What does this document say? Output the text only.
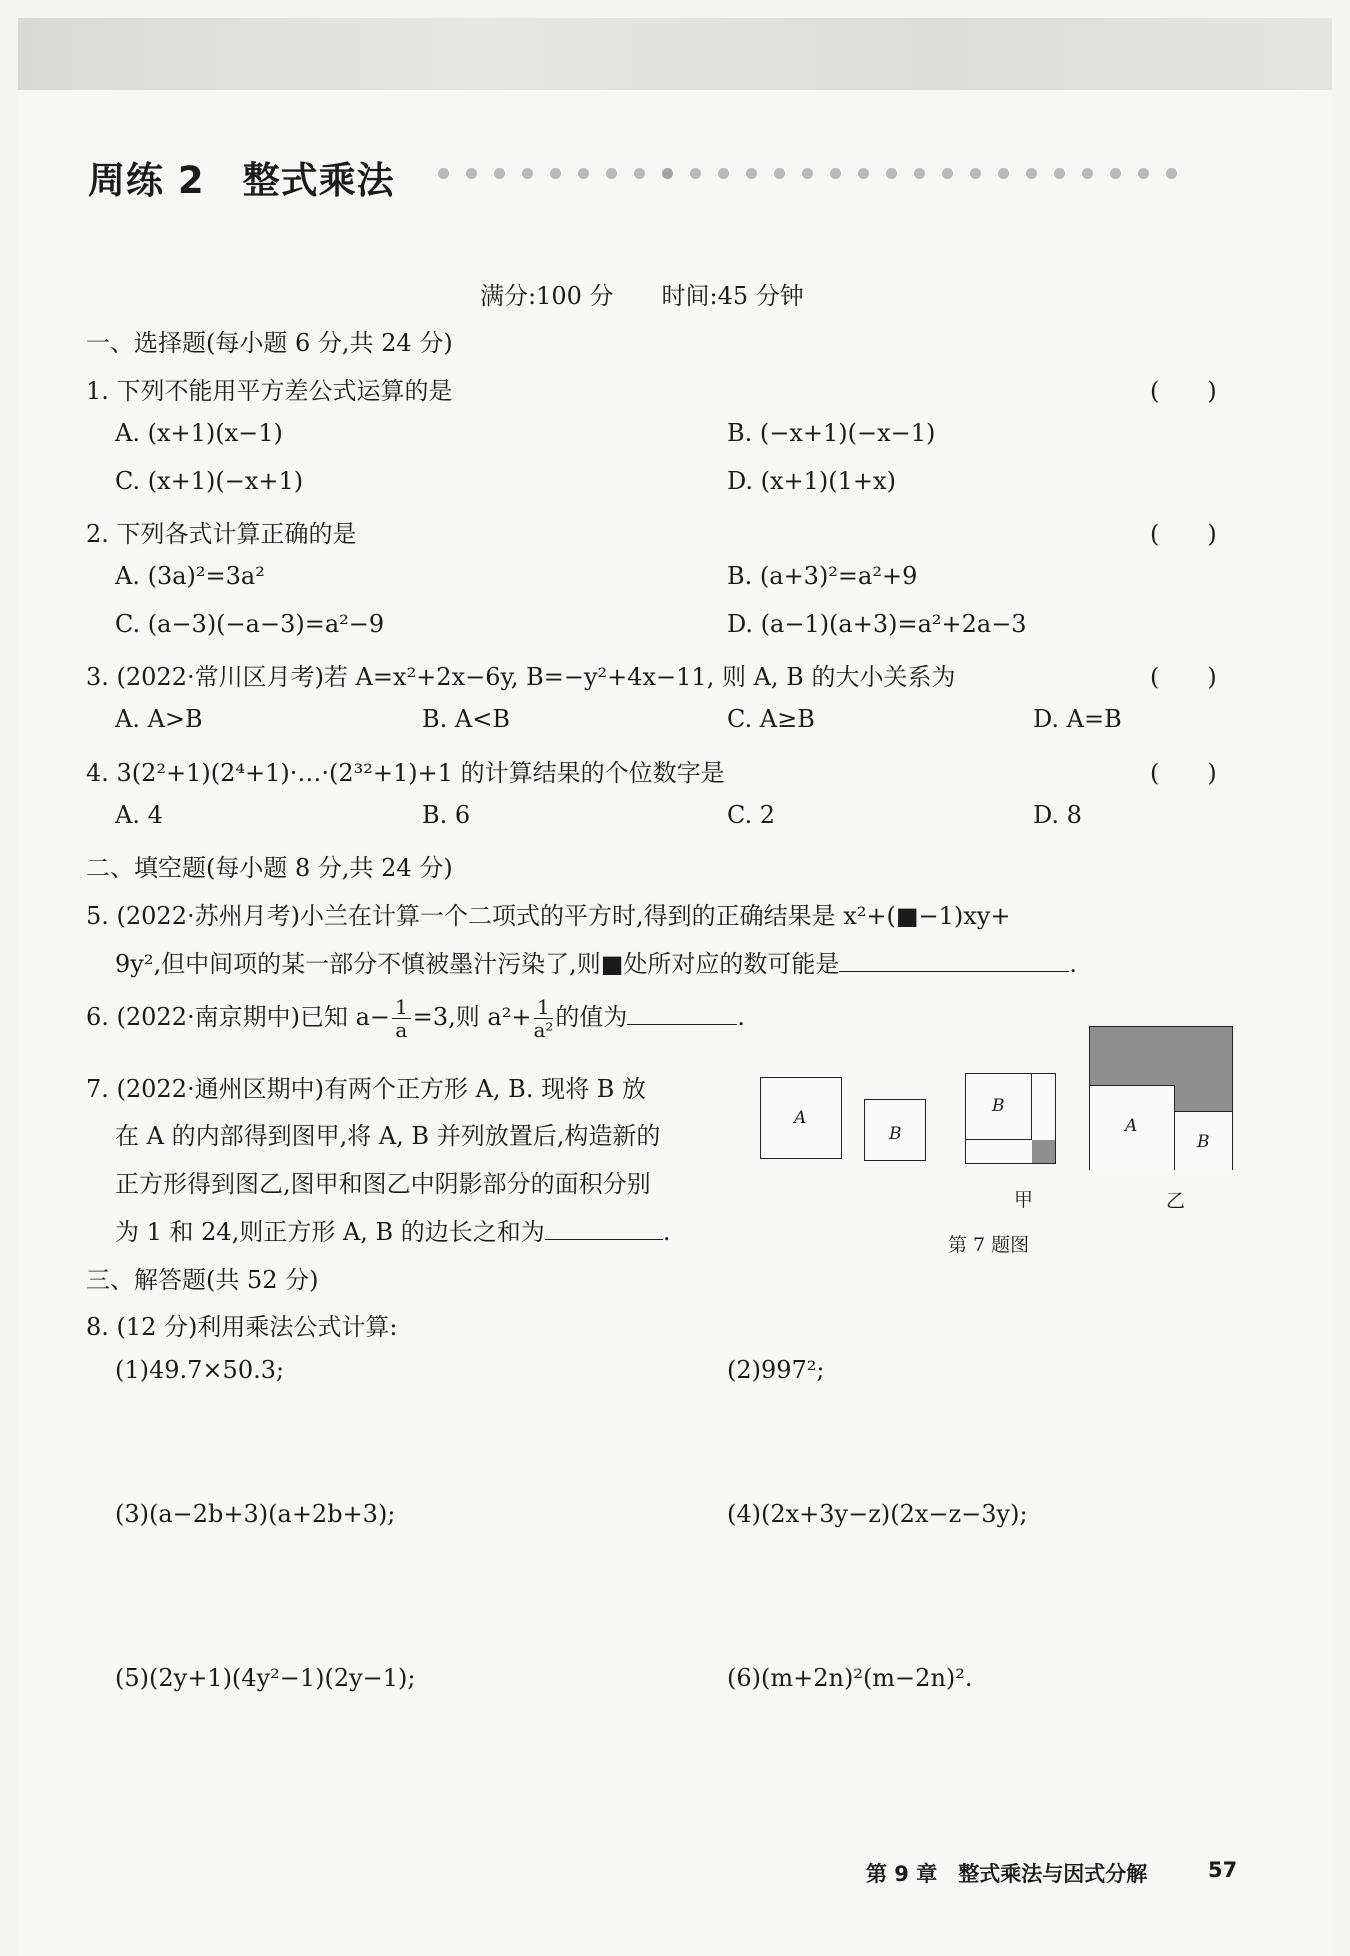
周练 2　整式乘法
满分:100 分　　时间:45 分钟
一、选择题(每小题 6 分,共 24 分)
1. 下列不能用平方差公式运算的是	(　　)
A. (x+1)(x−1)	B. (−x+1)(−x−1)
C. (x+1)(−x+1)	D. (x+1)(1+x)
2. 下列各式计算正确的是	(　　)
A. (3a)²=3a²	B. (a+3)²=a²+9
C. (a−3)(−a−3)=a²−9	D. (a−1)(a+3)=a²+2a−3
3. (2022·常川区月考)若 A=x²+2x−6y, B=−y²+4x−11, 则 A, B 的大小关系为	(　　)
A. A>B	B. A<B	C. A≥B	D. A=B
4. 3(2²+1)(2⁴+1)·…·(2³²+1)+1 的计算结果的个位数字是	(　　)
A. 4	B. 6	C. 2	D. 8
二、填空题(每小题 8 分,共 24 分)
5. (2022·苏州月考)小兰在计算一个二项式的平方时,得到的正确结果是 x²+(■−1)xy+
9y²,但中间项的某一部分不慎被墨汁污染了,则■处所对应的数可能是	.
6. (2022·南京期中)已知 $a- \frac{1}{a} =3$,则 $a^2+ \frac{1}{\text{a²}}$ 的值为	.
7. (2022·通州区期中)有两个正方形 A, B. 现将 B 放
在 A 的内部得到图甲,将 A, B 并列放置后,构造新的
正方形得到图乙,图甲和图乙中阴影部分的面积分别
为 1 和 24,则正方形 A, B 的边长之和为	.
A
B
B
甲
A
B
乙
第 7 题图
三、解答题(共 52 分)
8. (12 分)利用乘法公式计算:
(1)49.7×50.3;	(2)997²;
(3)(a−2b+3)(a+2b+3);	(4)(2x+3y−z)(2x−z−3y);
(5)(2y+1)(4y²−1)(2y−1);	(6)(m+2n)²(m−2n)².
第 9 章　整式乘法与因式分解	57
